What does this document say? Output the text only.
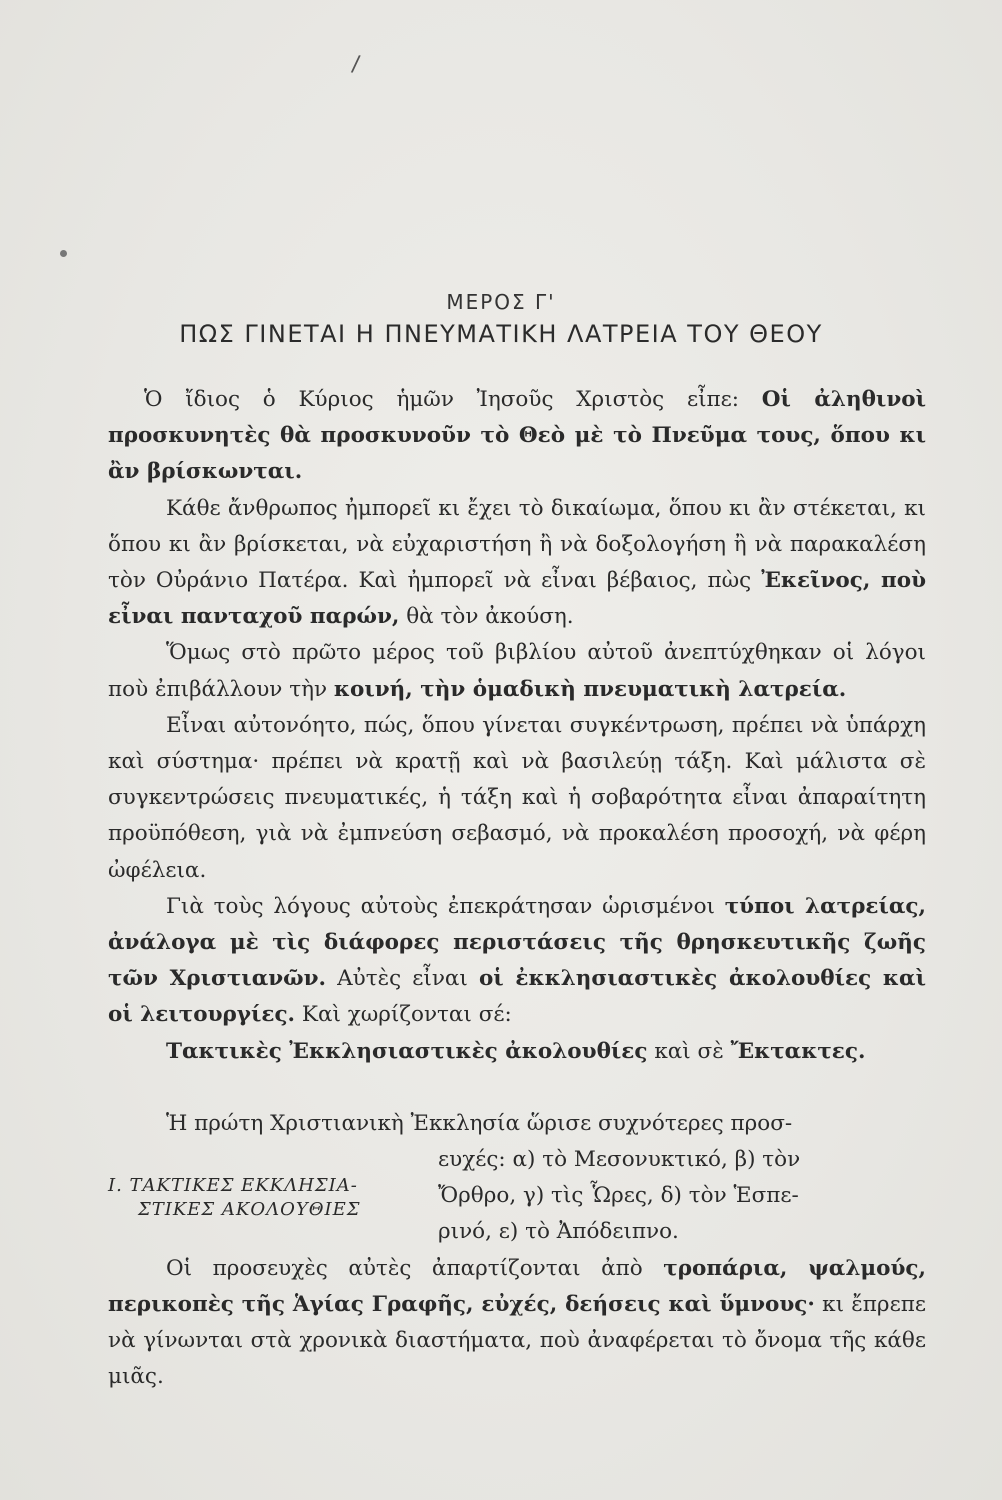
/
ΜΕΡΟΣ Γ'
ΠΩΣ ΓΙΝΕΤΑΙ Η ΠΝΕΥΜΑΤΙΚΗ ΛΑΤΡΕΙΑ ΤΟΥ ΘΕΟΥ

Ὁ ἴδιος ὁ Κύριος ἡμῶν Ἰησοῦς Χριστὸς εἶπε: Οἱ ἀληθινοὶ προσκυνητὲς θὰ προσκυνοῦν τὸ Θεὸ μὲ τὸ Πνεῦμα τους, ὅπου κι ἂν βρίσκωνται.

Κάθε ἄνθρωπος ἠμπορεῖ κι ἔχει τὸ δικαίωμα, ὅπου κι ἂν στέκεται, κι ὅπου κι ἂν βρίσκεται, νὰ εὐχαριστήση ἢ νὰ δοξολογήση ἢ νὰ παρακαλέση τὸν Οὐράνιο Πατέρα. Καὶ ἠμπορεῖ νὰ εἶναι βέβαιος, πὼς Ἐκεῖνος, ποὺ εἶναι πανταχοῦ παρών, θὰ τὸν ἀκούση.

Ὅμως στὸ πρῶτο μέρος τοῦ βιβλίου αὐτοῦ ἀνεπτύχθηκαν οἱ λόγοι ποὺ ἐπιβάλλουν τὴν κοινή, τὴν ὁμαδικὴ πνευματικὴ λατρεία.

Εἶναι αὐτονόητο, πώς, ὅπου γίνεται συγκέντρωση, πρέπει νὰ ὑπάρχη καὶ σύστημα· πρέπει νὰ κρατῇ καὶ νὰ βασιλεύῃ τάξη. Καὶ μάλιστα σὲ συγκεντρώσεις πνευματικές, ἡ τάξη καὶ ἡ σοβαρότητα εἶναι ἀπαραίτητη προϋπόθεση, γιὰ νὰ ἐμπνεύση σεβασμό, νὰ προκαλέση προσοχή, νὰ φέρη ὠφέλεια.

Γιὰ τοὺς λόγους αὐτοὺς ἐπεκράτησαν ὡρισμένοι τύποι λατρείας, ἀνάλογα μὲ τὶς διάφορες περιστάσεις τῆς θρησκευτικῆς ζωῆς τῶν Χριστιανῶν. Αὐτὲς εἶναι οἱ ἐκκλησιαστικὲς ἀκολουθίες καὶ οἱ λειτουργίες. Καὶ χωρίζονται σέ:

Τακτικὲς Ἐκκλησιαστικὲς ἀκολουθίες καὶ σὲ Ἔκτακτες.

Ἡ πρώτη Χριστιανικὴ Ἐκκλησία ὥρισε συχνότερες προσ-

Ι. ΤΑΚΤΙΚΕΣ ΕΚΚΛΗΣΙΑ-
ΣΤΙΚΕΣ ΑΚΟΛΟΥΘΙΕΣ
ευχές: α) τὸ Μεσονυκτικό, β) τὸν
Ὄρθρο, γ) τὶς Ὧρες, δ) τὸν Ἑσπε-
ρινό, ε) τὸ Ἀπόδειπνο.

Οἱ προσευχὲς αὐτὲς ἀπαρτίζονται ἀπὸ τροπάρια, ψαλμούς, περικοπὲς τῆς Ἁγίας Γραφῆς, εὐχές, δεήσεις καὶ ὕμνους· κι ἔπρεπε νὰ γίνωνται στὰ χρονικὰ διαστήματα, ποὺ ἀναφέρεται τὸ ὄνομα τῆς κάθε μιᾶς.
